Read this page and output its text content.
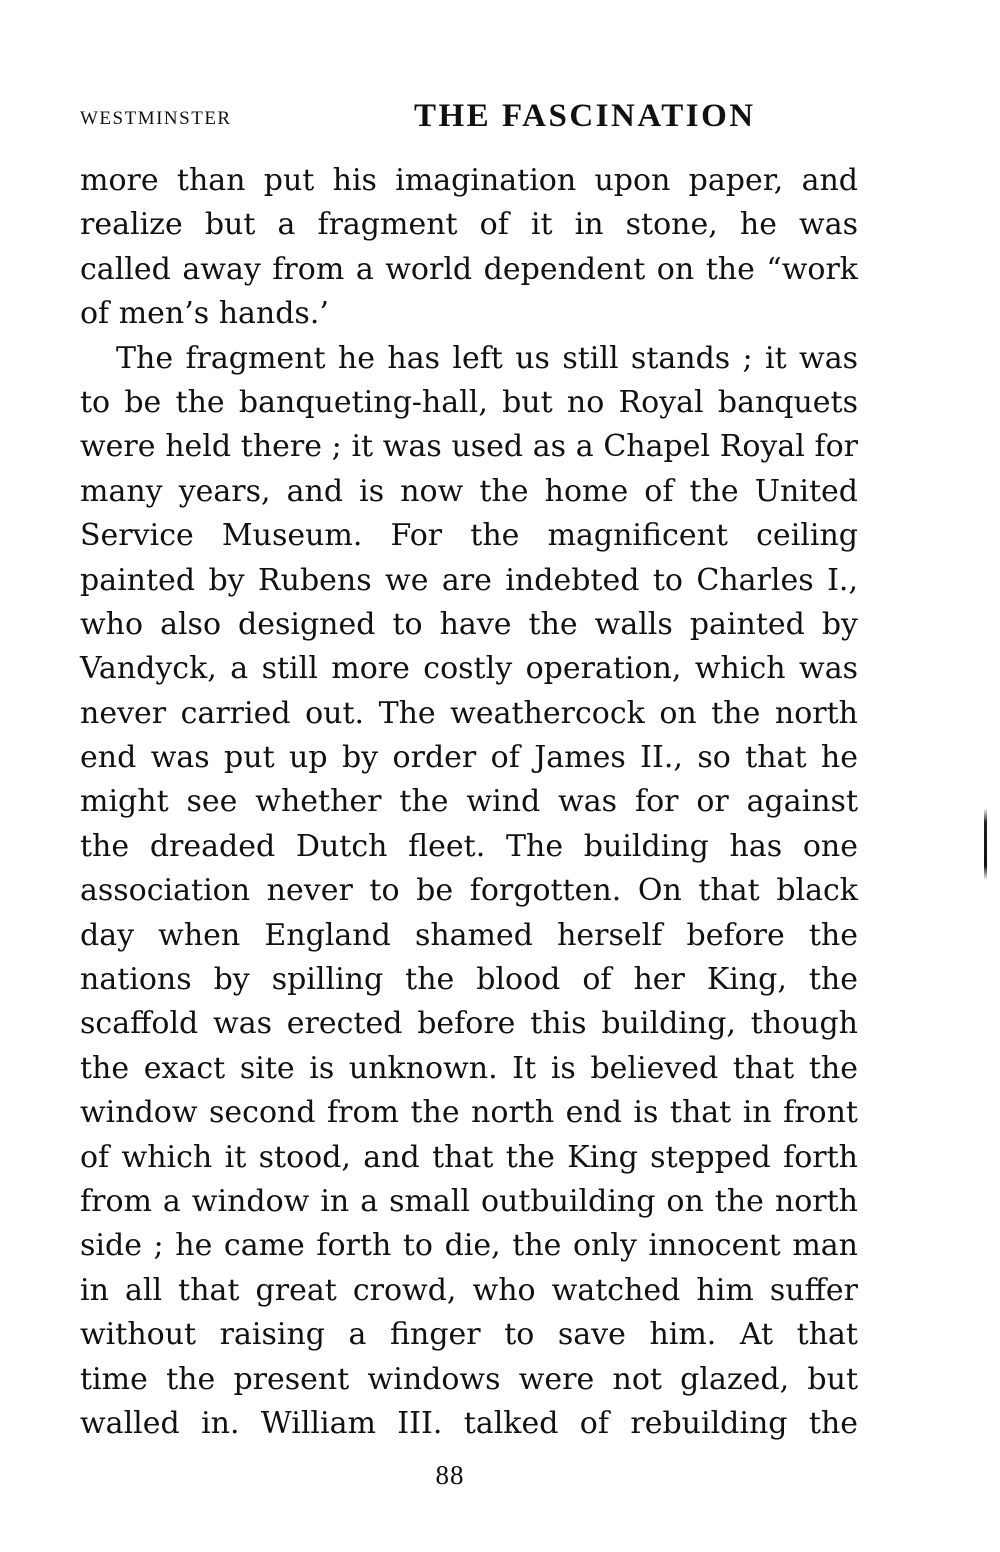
WESTMINSTER	THE FASCINATION
more than put his imagination upon paper, and
realize but a fragment of it in stone, he was
called away from a world dependent on the “work
of men’s hands.’
The fragment he has left us still stands ; it was
to be the banqueting-hall, but no Royal banquets
were held there ; it was used as a Chapel Royal for
many years, and is now the home of the United
Service Museum. For the magnificent ceiling
painted by Rubens we are indebted to Charles I.,
who also designed to have the walls painted by
Vandyck, a still more costly operation, which was
never carried out. The weathercock on the north
end was put up by order of James II., so that he
might see whether the wind was for or against
the dreaded Dutch fleet. The building has one
association never to be forgotten. On that black
day when England shamed herself before the
nations by spilling the blood of her King, the
scaffold was erected before this building, though
the exact site is unknown. It is believed that the
window second from the north end is that in front
of which it stood, and that the King stepped forth
from a window in a small outbuilding on the north
side ; he came forth to die, the only innocent man
in all that great crowd, who watched him suffer
without raising a finger to save him. At that
time the present windows were not glazed, but
walled in. William III. talked of rebuilding the
88
